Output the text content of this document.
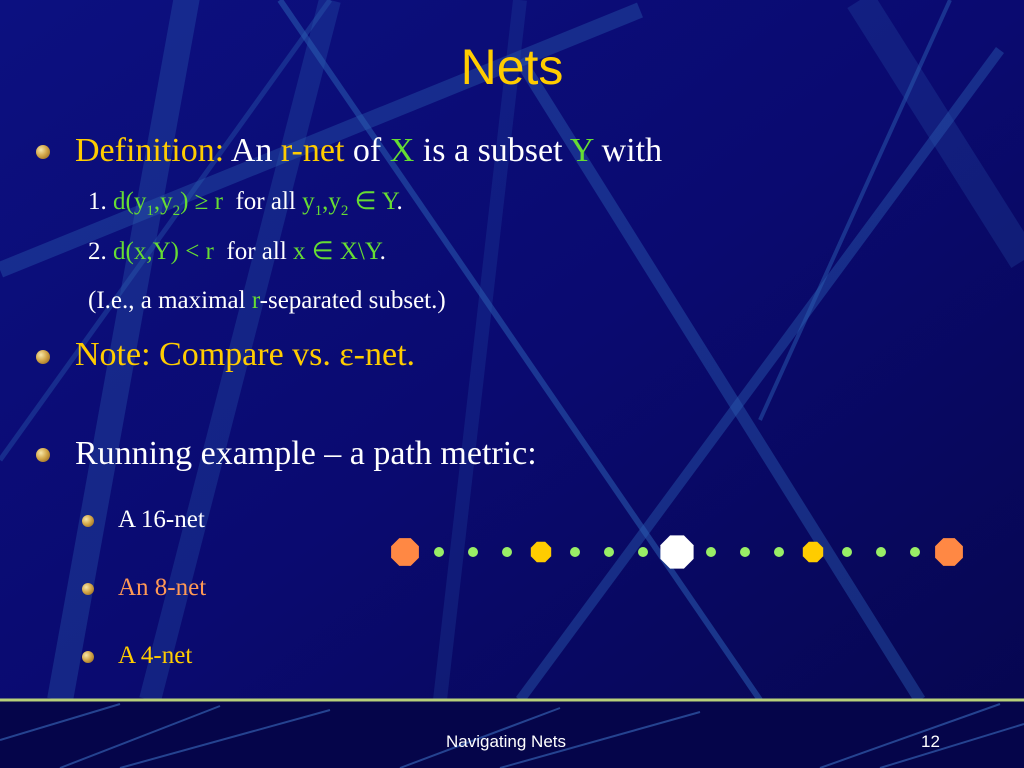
Nets
Definition: An r-net of X is a subset Y with
1. $d(y_1,y_2) \ge r$ for all $y_1,y_2$ ∈ Y.
2. d(x,Y) < r for all x ∈ X\Y.
(I.e., a maximal r-separated subset.)
Note: Compare vs. ε-net.
Running example – a path metric:
A 16-net
An 8-net
A 4-net
Navigating Nets	12
